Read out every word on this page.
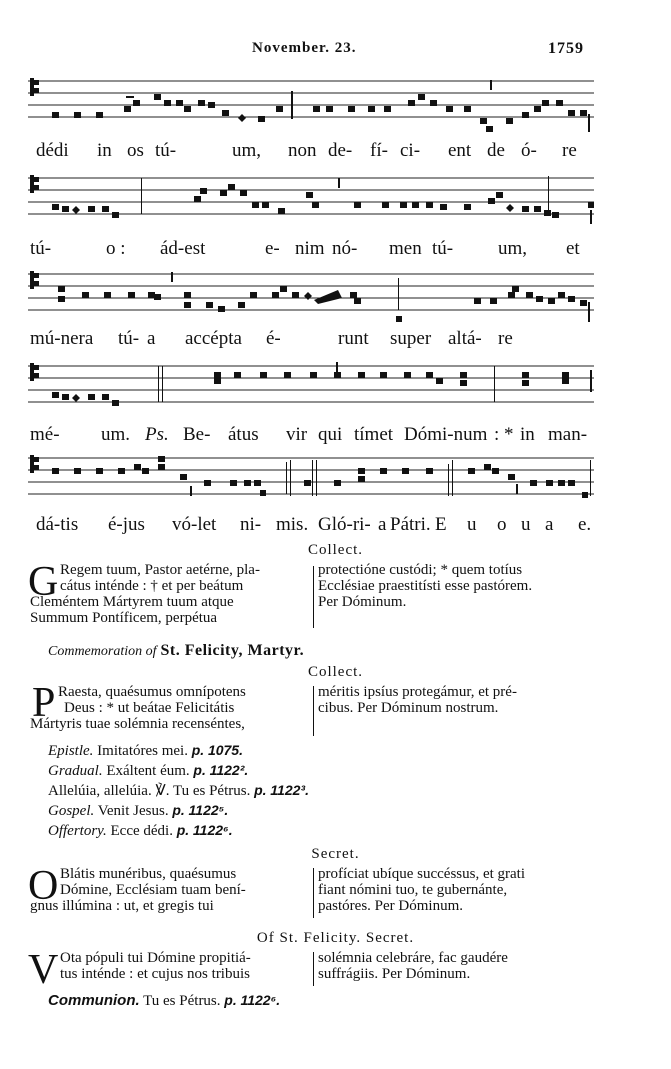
November. 23.	1759
dédi in os tú-	um, non de- fí- ci- ent de ó- re
tú-	o : ád-est	e- nim nó- men tú- um, et
mú-nera tú- a accépta é-	runt super altá- re
mé- um. Ps. Be- átus vir qui tímet Dómi-num : * in man-
dá-tis é-jus vó-let ni- mis. Gló-ri- a Pátri. E u o u a e.
Collect.
G Regem tuum, Pastor aetérne, pla-
cátus inténde : † et per beátum
Cleméntem Mártyrem tuum atque
Summum Pontíficem, perpétua
protectióne custódi; * quem totíus
Ecclésiae praestitísti esse pastórem.
Per Dóminum.
Commemoration of St. Felicity, Martyr.
Collect.
P Raesta, quaésumus omnípotens
Deus : * ut beátae Felicitátis
Mártyris tuae solémnia recenséntes,
méritis ipsíus protegámur, et pré-
cibus. Per Dóminum nostrum.
Epistle. Imitatóres mei. p. 1075.
Gradual. Exáltent éum. p. 1122².
Allelúia, allelúia. ℣. Tu es Pétrus. p. 1122³.
Gospel. Venit Jesus. p. 1122⁵.
Offertory. Ecce dédi. p. 1122⁶.
Secret.
O Blátis munéribus, quaésumus
Dómine, Ecclésiam tuam bení-
gnus illúmina : ut, et gregis tui
profíciat ubíque succéssus, et grati
fiant nómini tuo, te gubernánte,
pastóres. Per Dóminum.
Of St. Felicity. Secret.
V Ota pópuli tui Dómine propitiá-
tus inténde : et cujus nos tribuis
solémnia celebráre, fac gaudére
suffrágiis. Per Dóminum.
Communion. Tu es Pétrus. p. 1122⁶.
